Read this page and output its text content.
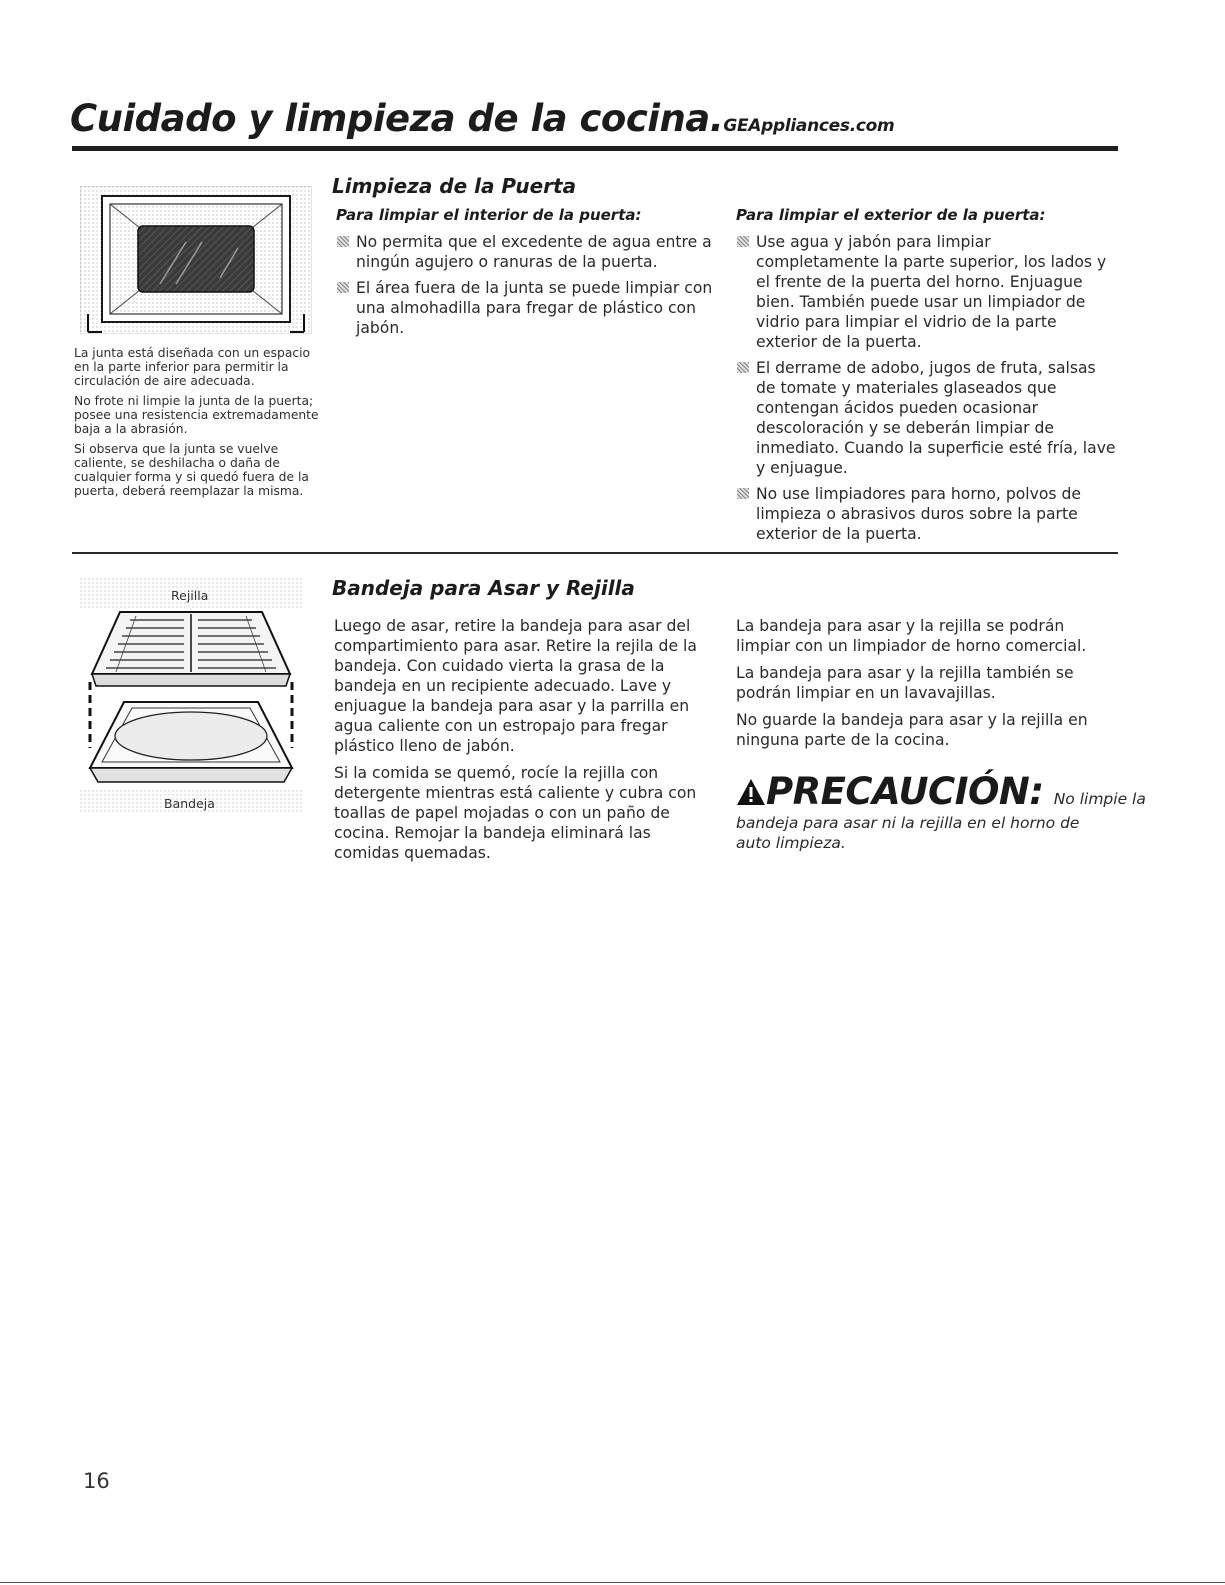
Cuidado y limpieza de la cocina.GEAppliances.com

La junta está diseñada con un espacio en la parte inferior para permitir la circulación de aire adecuada.

No frote ni limpie la junta de la puerta; posee una resistencia extremadamente baja a la abrasión.

Si observa que la junta se vuelve caliente, se deshilacha o daña de cualquier forma y si quedó fuera de la puerta, deberá reemplazar la misma.

Limpieza de la Puerta
Para limpiar el interior de la puerta:
No permita que el excedente de agua entre a ningún agujero o ranuras de la puerta.
El área fuera de la junta se puede limpiar con una almohadilla para fregar de plástico con jabón.
Para limpiar el exterior de la puerta:
Use agua y jabón para limpiar completamente la parte superior, los lados y el frente de la puerta del horno. Enjuague bien. También puede usar un limpiador de vidrio para limpiar el vidrio de la parte exterior de la puerta.
El derrame de adobo, jugos de fruta, salsas de tomate y materiales glaseados que contengan ácidos pueden ocasionar descoloración y se deberán limpiar de inmediato. Cuando la superficie esté fría, lave y enjuague.
No use limpiadores para horno, polvos de limpieza o abrasivos duros sobre la parte exterior de la puerta.
Rejilla
Bandeja
Bandeja para Asar y Rejilla

Luego de asar, retire la bandeja para asar del compartimiento para asar. Retire la rejila de la bandeja. Con cuidado vierta la grasa de la bandeja en un recipiente adecuado. Lave y enjuague la bandeja para asar y la parrilla en agua caliente con un estropajo para fregar plástico lleno de jabón.

Si la comida se quemó, rocíe la rejilla con detergente mientras está caliente y cubra con toallas de papel mojadas o con un paño de cocina. Remojar la bandeja eliminará las comidas quemadas.

La bandeja para asar y la rejilla se podrán limpiar con un limpiador de horno comercial.

La bandeja para asar y la rejilla también se podrán limpiar en un lavavajillas.

No guarde la bandeja para asar y la rejilla en ninguna parte de la cocina.

PRECAUCIÓN: No limpie la
bandeja para asar ni la rejilla en el horno de auto limpieza.
16
